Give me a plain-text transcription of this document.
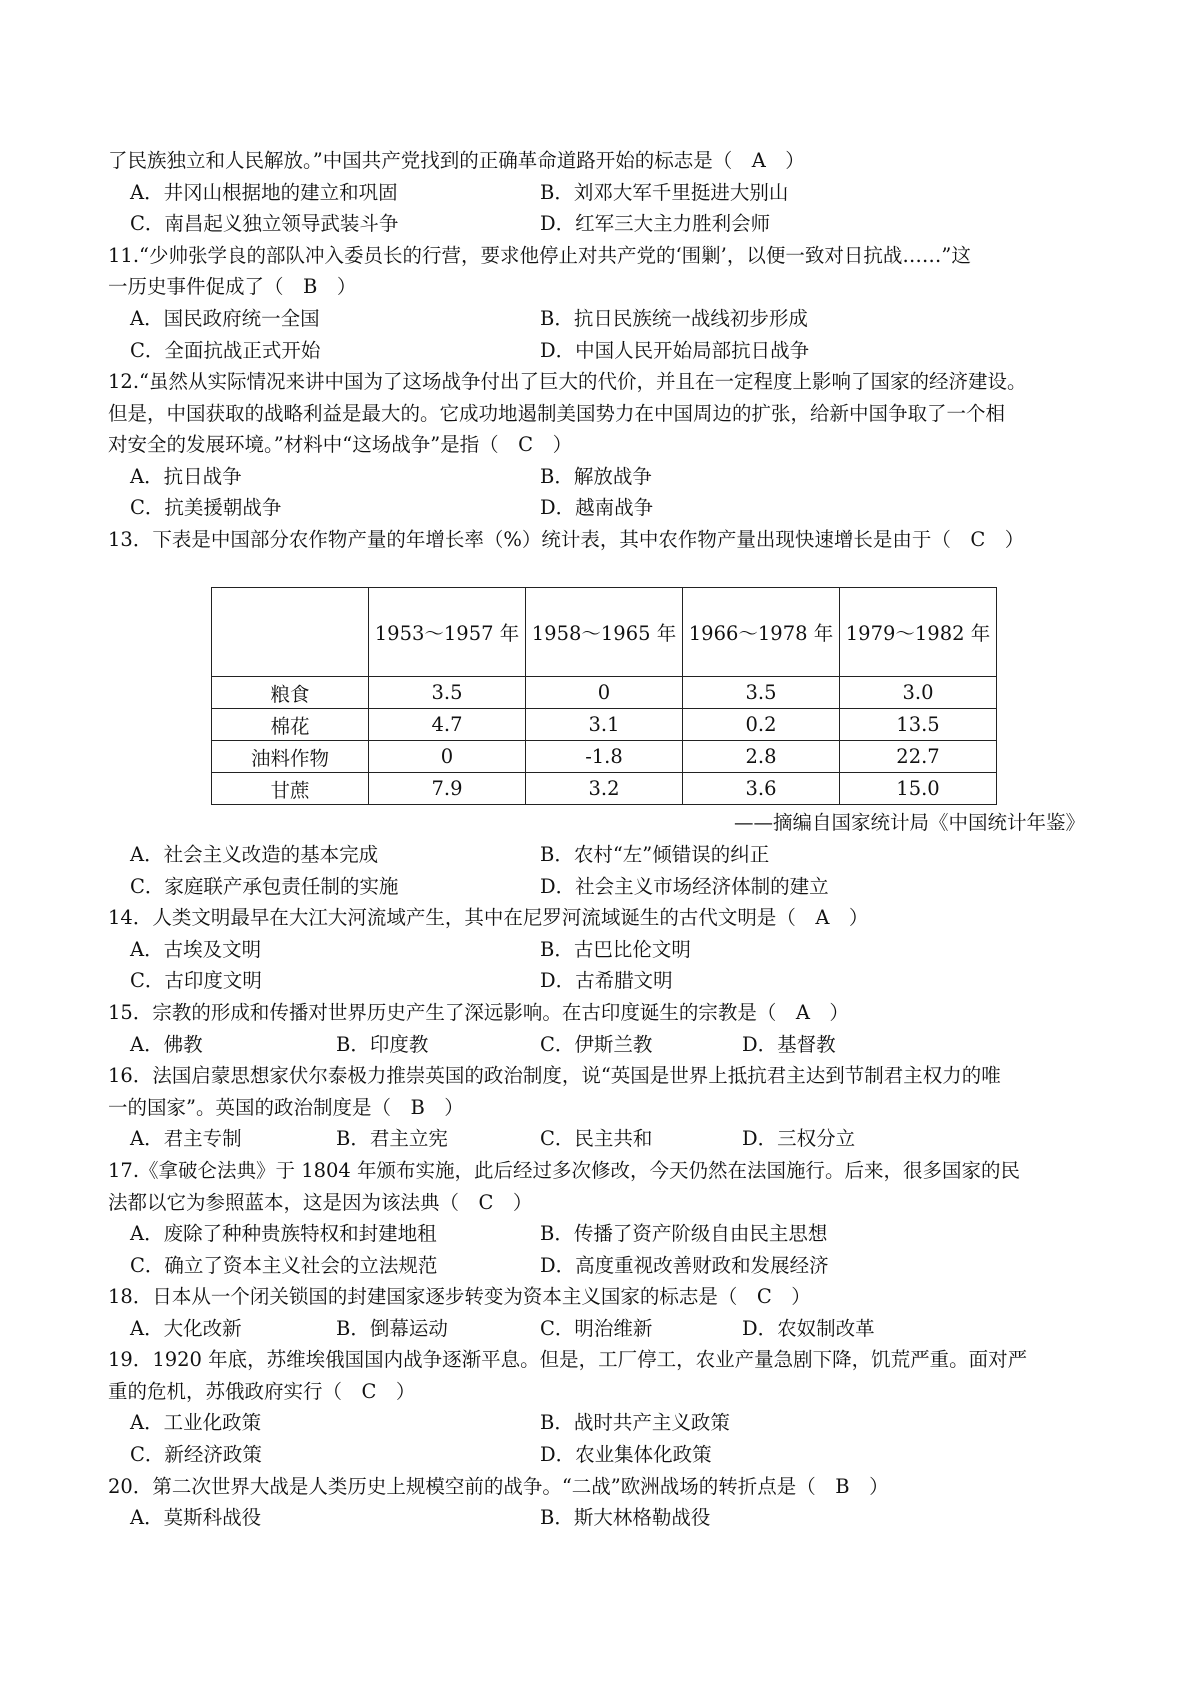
了民族独立和人民解放。”中国共产党找到的正确革命道路开始的标志是（　A　）
A．井冈山根据地的建立和巩固	B．刘邓大军千里挺进大别山
C．南昌起义独立领导武装斗争	D．红军三大主力胜利会师
11.“少帅张学良的部队冲入委员长的行营，要求他停止对共产党的‘围剿’，以便一致对日抗战……”这
一历史事件促成了（　B　）
A．国民政府统一全国	B．抗日民族统一战线初步形成
C．全面抗战正式开始	D．中国人民开始局部抗日战争
12.“虽然从实际情况来讲中国为了这场战争付出了巨大的代价，并且在一定程度上影响了国家的经济建设。
但是，中国获取的战略利益是最大的。它成功地遏制美国势力在中国周边的扩张，给新中国争取了一个相
对安全的发展环境。”材料中“这场战争”是指（　C　）
A．抗日战争	B．解放战争
C．抗美援朝战争	D．越南战争
13．下表是中国部分农作物产量的年增长率（%）统计表，其中农作物产量出现快速增长是由于（　C　）
	1953～1957 年	1958～1965 年	1966～1978 年	1979～1982 年
粮食	3.5	0	3.5	3.0
棉花	4.7	3.1	0.2	13.5
油料作物	0	-1.8	2.8	22.7
甘蔗	7.9	3.2	3.6	15.0
——摘编自国家统计局《中国统计年鉴》
A．社会主义改造的基本完成	B．农村“左”倾错误的纠正
C．家庭联产承包责任制的实施	D．社会主义市场经济体制的建立
14．人类文明最早在大江大河流域产生，其中在尼罗河流域诞生的古代文明是（　A　）
A．古埃及文明	B．古巴比伦文明
C．古印度文明	D．古希腊文明
15．宗教的形成和传播对世界历史产生了深远影响。在古印度诞生的宗教是（　A　）
A．佛教	B．印度教	C．伊斯兰教	D．基督教
16．法国启蒙思想家伏尔泰极力推崇英国的政治制度，说“英国是世界上抵抗君主达到节制君主权力的唯
一的国家”。英国的政治制度是（　B　）
A．君主专制	B．君主立宪	C．民主共和	D．三权分立
17.《拿破仑法典》于 1804 年颁布实施，此后经过多次修改，今天仍然在法国施行。后来，很多国家的民
法都以它为参照蓝本，这是因为该法典（　C　）
A．废除了种种贵族特权和封建地租	B．传播了资产阶级自由民主思想
C．确立了资本主义社会的立法规范	D．高度重视改善财政和发展经济
18．日本从一个闭关锁国的封建国家逐步转变为资本主义国家的标志是（　C　）
A．大化改新	B．倒幕运动	C．明治维新	D．农奴制改革
19．1920 年底，苏维埃俄国国内战争逐渐平息。但是，工厂停工，农业产量急剧下降，饥荒严重。面对严
重的危机，苏俄政府实行（　C　）
A．工业化政策	B．战时共产主义政策
C．新经济政策	D．农业集体化政策
20．第二次世界大战是人类历史上规模空前的战争。“二战”欧洲战场的转折点是（　B　）
A．莫斯科战役	B．斯大林格勒战役
